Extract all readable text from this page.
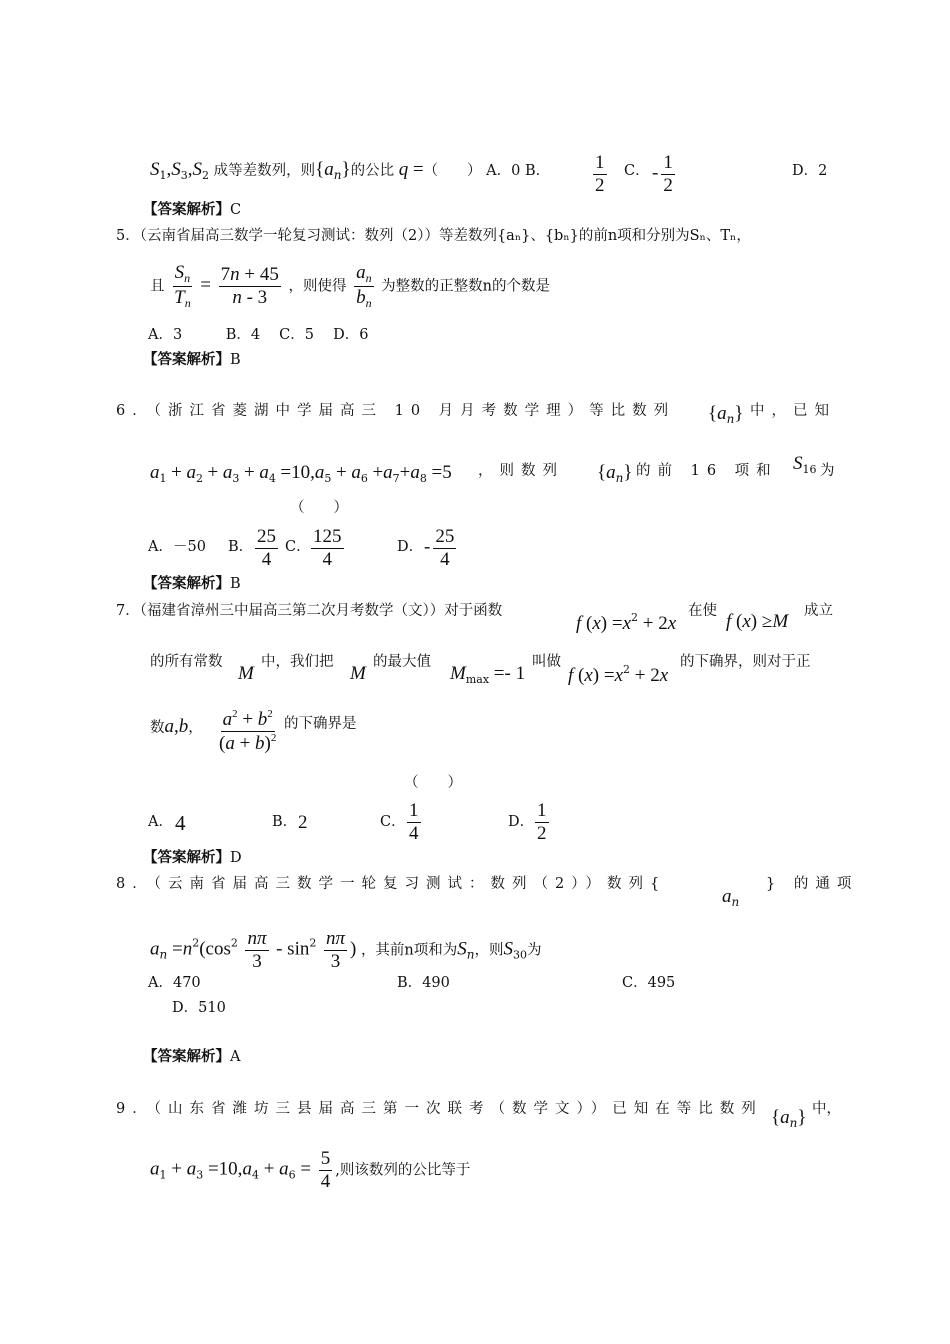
$S_1,S_3,S_2$ 成等差数列，则$\{a_n\}$的公比 q =（　　） A．0 B． $\frac{1}{2}$ C． - $\frac{1}{2}$	D．2
【答案解析】C
5．（云南省届高三数学一轮复习测试：数列（2））等差数列{aₙ}、{bₙ}的前n项和分别为Sₙ、Tₙ，
且 $\frac{S_n}{T_n} = \frac{7n + 45}{n - 3}$ ，则使得 $\frac{a_n}{b_n}$ 为整数的正整数n的个数是
A．3　　　B．4　 C．5　 D．6
【答案解析】B
6．（浙江省菱湖中学届高三 10 月月考数学理）等比数列 $\{a_n\}$ 中，已知
$a_1 + a_2 + a_3 + a_4 =10,a_5 + a_6 +a_7+a_8 =5$ ，则数列 $\{a_n\}$ 的前 16 项和 $S_{16}$ 为
（　　）
A．－50 B． $\frac{25}{4}$ C． $\frac{125}{4}$	D． - $\frac{25}{4}$
【答案解析】B
7．（福建省漳州三中届高三第二次月考数学（文））对于函数
f $(x) =x^2 + 2x$
在使 f (x) ≥M 成立
的所有常数
M
中，我们把
M
的最大值
$M_{max} =- 1$
叫做
f $(x) =x^2 + 2x$
的下确界，则对于正
数a,b， $\frac{a^2 + b^2}{(a + b)^2}$ 的下确界是
（　　）
A． 4	B． 2	C． $\frac{1}{4}$	D． $\frac{1}{2}$
【答案解析】D
8．（云南省届高三数学一轮复习测试：数列（2））数列{
$a_n$
} 的通项
$a_n =n^2(\cos^2 \frac{n\pi}{3} - \sin^2 \frac{n\pi}{3}$ ) ，其前n项和为$S_n$，则$S_{30}$为
A．470	B．490	C．495
D．510
【答案解析】A
9．（山东省潍坊三县届高三第一次联考（数学文））已知在等比数列 $\{a_n\}$ 中，
$a_1 + a_3 =10,a_4 + a_6 = \frac{5}{4}$ ,则该数列的公比等于
